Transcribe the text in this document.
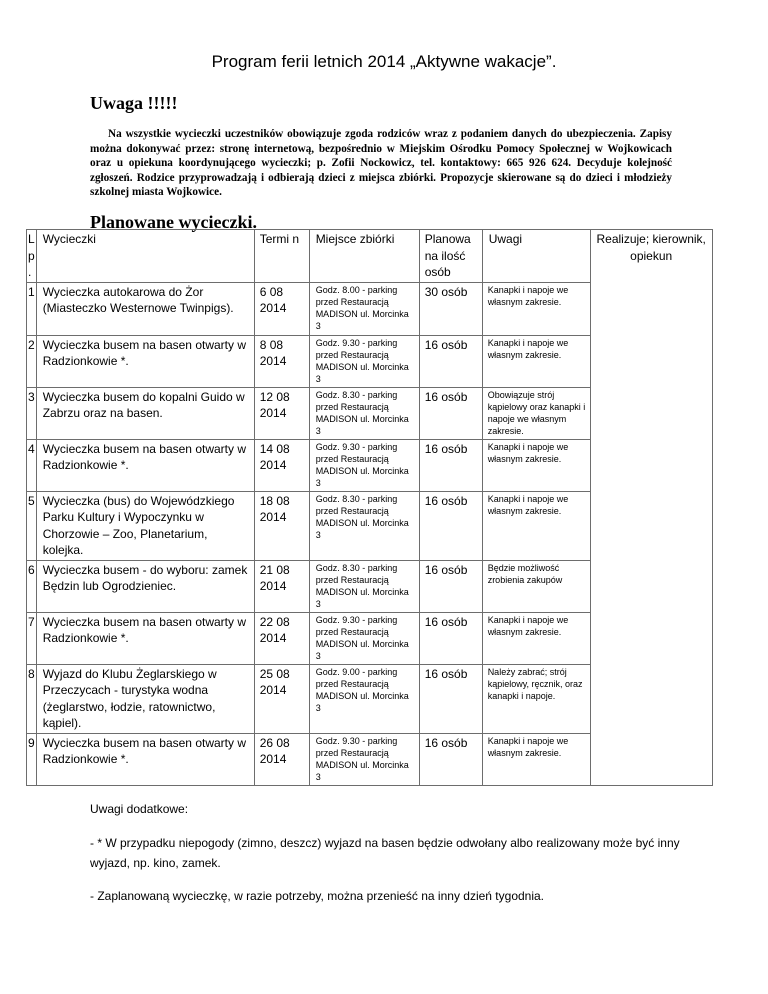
Program ferii letnich 2014 „Aktywne wakacje”.
Uwaga !!!!!
Na wszystkie wycieczki uczestników obowiązuje zgoda rodziców wraz z podaniem danych do ubezpieczenia. Zapisy można dokonywać przez: stronę internetową, bezpośrednio w Miejskim Ośrodku Pomocy Społecznej w Wojkowicach oraz u opiekuna koordynującego wycieczki; p. Zofii Nockowicz, tel. kontaktowy: 665 926 624. Decyduje kolejność zgłoszeń. Rodzice przyprowadzają i odbierają dzieci z miejsca zbiórki. Propozycje skierowane są do dzieci i młodzieży szkolnej miasta Wojkowice.
Planowane wycieczki.
L p .	Wycieczki	Termi n	Miejsce zbiórki	Planowa na ilość osób	Uwagi	Realizuje; kierownik, opiekun
1	Wycieczka autokarowa do Żor (Miasteczko Westernowe Twinpigs).	6 08 2014	Godz. 8.00 - parking przed Restauracją MADISON ul. Morcinka 3	30 osób	Kanapki i napoje we własnym zakresie.	
2	Wycieczka busem na basen otwarty w Radzionkowie *.	8 08 2014	Godz. 9.30 - parking przed Restauracją MADISON ul. Morcinka 3	16 osób	Kanapki i napoje we własnym zakresie.	
3	Wycieczka busem do kopalni Guido w Zabrzu oraz na basen.	12 08 2014	Godz. 8.30 - parking przed Restauracją MADISON ul. Morcinka 3	16 osób	Obowiązuje strój kąpielowy oraz kanapki i napoje we własnym zakresie.	
4	Wycieczka busem na basen otwarty w Radzionkowie *.	14 08 2014	Godz. 9.30 - parking przed Restauracją MADISON ul. Morcinka 3	16 osób	Kanapki i napoje we własnym zakresie.	
5	Wycieczka (bus) do Wojewódzkiego Parku Kultury i Wypoczynku w Chorzowie – Zoo, Planetarium, kolejka.	18 08 2014	Godz. 8.30 - parking przed Restauracją MADISON ul. Morcinka 3	16 osób	Kanapki i napoje we własnym zakresie.	
6	Wycieczka busem - do wyboru: zamek Będzin lub Ogrodzieniec.	21 08 2014	Godz. 8.30 - parking przed Restauracją MADISON ul. Morcinka 3	16 osób	Będzie możliwość zrobienia zakupów	
7	Wycieczka busem na basen otwarty w Radzionkowie *.	22 08 2014	Godz. 9.30 - parking przed Restauracją MADISON ul. Morcinka 3	16 osób	Kanapki i napoje we własnym zakresie.	
8	Wyjazd do Klubu Żeglarskiego w Przeczycach - turystyka wodna (żeglarstwo, łodzie, ratownictwo, kąpiel).	25 08 2014	Godz. 9.00 - parking przed Restauracją MADISON ul. Morcinka 3	16 osób	Należy zabrać; strój kąpielowy, ręcznik, oraz kanapki i napoje.	
9	Wycieczka busem na basen otwarty w Radzionkowie *.	26 08 2014	Godz. 9.30 - parking przed Restauracją MADISON ul. Morcinka 3	16 osób	Kanapki i napoje we własnym zakresie.	
Uwagi dodatkowe:
- * W przypadku niepogody (zimno, deszcz) wyjazd na basen będzie odwołany albo realizowany może być inny wyjazd, np. kino, zamek.
- Zaplanowaną wycieczkę, w razie potrzeby, można przenieść na inny dzień tygodnia.
